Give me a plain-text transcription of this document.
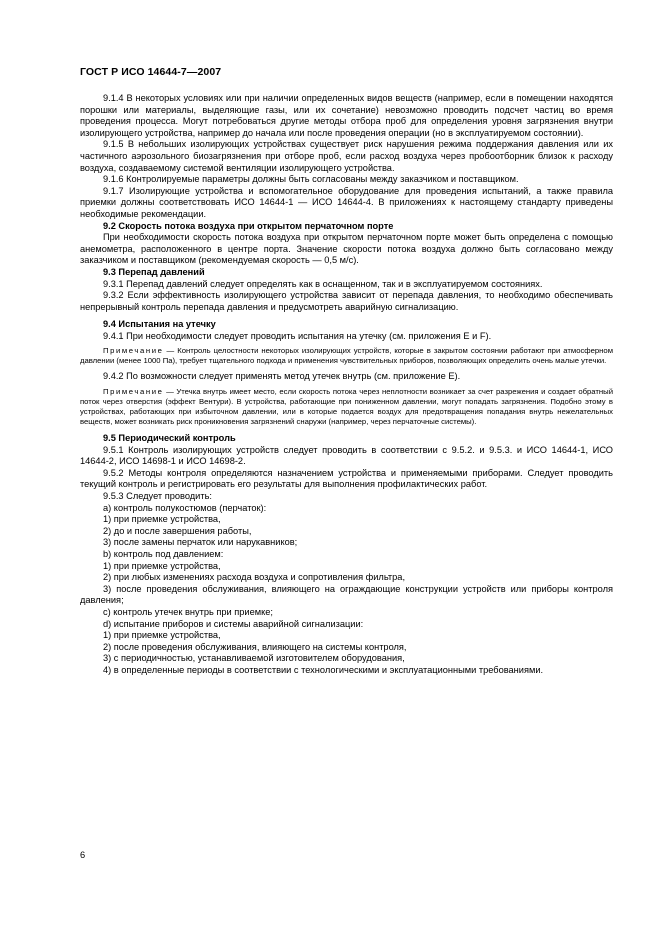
ГОСТ Р ИСО 14644-7—2007

9.1.4 В некоторых условиях или при наличии определенных видов веществ (например, если в помещении находятся порошки или материалы, выделяющие газы, или их сочетание) невозможно проводить подсчет частиц во время проведения процесса. Могут потребоваться другие методы отбора проб для определения уровня загрязнения внутри изолирующего устройства, например до начала или после проведения операции (но в эксплуатируемом состоянии).

9.1.5 В небольших изолирующих устройствах существует риск нарушения режима поддержания давления или их частичного аэрозольного биозагрязнения при отборе проб, если расход воздуха через пробоотборник близок к расходу воздуха, создаваемому системой вентиляции изолирующего устройства.

9.1.6 Контролируемые параметры должны быть согласованы между заказчиком и поставщиком.

9.1.7 Изолирующие устройства и вспомогательное оборудование для проведения испытаний, а также правила приемки должны соответствовать ИСО 14644-1 — ИСО 14644-4. В приложениях к настоящему стандарту приведены необходимые рекомендации.

9.2 Скорость потока воздуха при открытом перчаточном порте

При необходимости скорость потока воздуха при открытом перчаточном порте может быть определена с помощью анемометра, расположенного в центре порта. Значение скорости потока воздуха должно быть согласовано между заказчиком и поставщиком (рекомендуемая скорость — 0,5 м/с).

9.3 Перепад давлений

9.3.1 Перепад давлений следует определять как в оснащенном, так и в эксплуатируемом состояниях.

9.3.2 Если эффективность изолирующего устройства зависит от перепада давления, то необходимо обеспечивать непрерывный контроль перепада давления и предусмотреть аварийную сигнализацию.

9.4 Испытания на утечку

9.4.1 При необходимости следует проводить испытания на утечку (см. приложения Е и F).

Примечание — Контроль целостности некоторых изолирующих устройств, которые в закрытом состоянии работают при атмосферном давлении (менее 1000 Па), требует тщательного подхода и применения чувствительных приборов, позволяющих определить очень малые утечки.

9.4.2 По возможности следует применять метод утечек внутрь (см. приложение Е).

Примечание — Утечка внутрь имеет место, если скорость потока через неплотности возникает за счет разрежения и создает обратный поток через отверстия (эффект Вентури). В устройства, работающие при пониженном давлении, могут попадать загрязнения. Подобно этому в устройствах, работающих при избыточном давлении, или в которые подается воздух для предотвращения попадания внутрь нежелательных веществ, может возникать риск проникновения загрязнений снаружи (например, через перчаточные системы).

9.5 Периодический контроль

9.5.1 Контроль изолирующих устройств следует проводить в соответствии с 9.5.2. и 9.5.3. и ИСО 14644-1, ИСО 14644-2, ИСО 14698-1 и ИСО 14698-2.

9.5.2 Методы контроля определяются назначением устройства и применяемыми приборами. Следует проводить текущий контроль и регистрировать его результаты для выполнения профилактических работ.

9.5.3 Следует проводить:

a) контроль полукостюмов (перчаток):
1) при приемке устройства,
2) до и после завершения работы,
3) после замены перчаток или нарукавников;
b) контроль под давлением:
1) при приемке устройства,
2) при любых изменениях расхода воздуха и сопротивления фильтра,

3) после проведения обслуживания, влияющего на ограждающие конструкции устройств или приборы контроля давления;

c) контроль утечек внутрь при приемке;
d) испытание приборов и системы аварийной сигнализации:
1) при приемке устройства,
2) после проведения обслуживания, влияющего на системы контроля,
3) с периодичностью, устанавливаемой изготовителем оборудования,

4) в определенные периоды в соответствии с технологическими и эксплуатационными требованиями.

6
